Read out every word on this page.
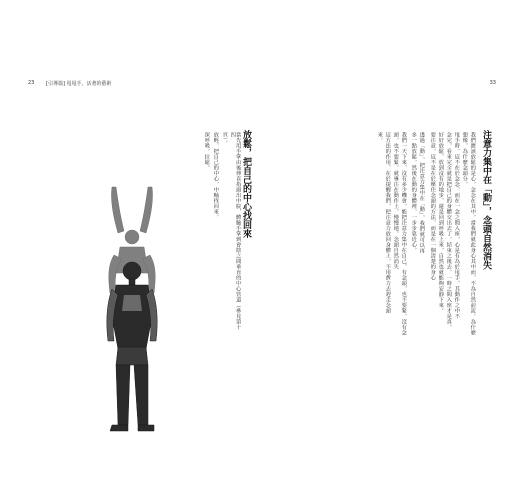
23 [引導篇] 甩甩手，活著的藝術
放鬆，把自己的中心找回來
當先用手掌由後伸直指頭出中脘，體驗手掌到會陰之間垂直的中心管道（參見第十四
頁）。
放輕，把自己的中心，中軸找回來。
深呼吸，拉鬆。
33
注意力集中在「動」，念頭自然消失
我們應該放鬆的是心，念念在其中，當我們就此身心其中而，不為自然前流。為什麼
想像，為什麼念頭分。
甩手時，這不在於念念，而在一念之間入座，心是有為於甩手，其動作之中不
念完，看來完全就是把自己的身體交出去了，結束之後去，一時之間入座才是真。
好好放鬆，放到沒有的地步，還是回到呼吸上來，自然也就能夠安靜下來。
要注意，這不是在於壓住念頭的方法，而是在一個清楚的身心
透過「動」，把注意力集中在「動」，我們就可以再
多一點放鬆，然後在動的身體裡，一步步靠近心。
我們一天下來，沒有多少機會，能把注意力集中在自己，有念頭，也不要緊，沒有念
頭，也不要緊。就專注在動作上，慢慢地，念頭自然消失
這方法的作用，在於提醒我們，把注意力放回身體上，不用費力去趕走念頭
來。
